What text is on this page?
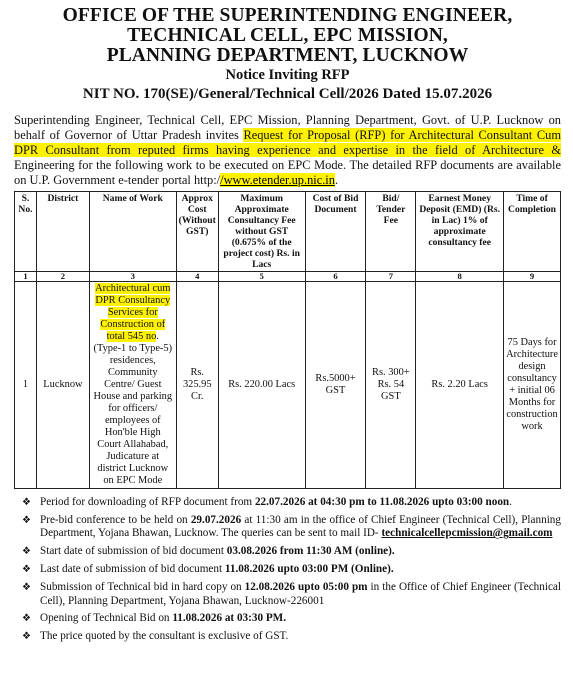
OFFICE OF THE SUPERINTENDING ENGINEER,
TECHNICAL CELL, EPC MISSION,
PLANNING DEPARTMENT, LUCKNOW
Notice Inviting RFP
NIT NO. 170(SE)/General/Technical Cell/2026 Dated 15.07.2026
Superintending Engineer, Technical Cell, EPC Mission, Planning Department, Govt. of U.P. Lucknow on behalf of Governor of Uttar Pradesh invites Request for Proposal (RFP) for Architectural Consultant Cum DPR Consultant from reputed firms having experience and expertise in the field of Architecture & Engineering for the following work to be executed on EPC Mode. The detailed RFP documents are available on U.P. Government e-tender portal http://www.etender.up.nic.in.
S. No.	District	Name of Work	Approx Cost (Without GST)	Maximum Approximate Consultancy Fee without GST (0.675% of the project cost) Rs. in Lacs	Cost of Bid Document	Bid/ Tender Fee	Earnest Money Deposit (EMD) (Rs. in Lac) 1% of approximate consultancy fee	Time of Completion
1	2	3	4	5	6	7	8	9
1	Lucknow	Architectural cum DPR Consultancy Services for Construction of total 545 no. (Type-1 to Type-5) residences, Community Centre/ Guest House and parking for officers/ employees of Hon'ble High Court Allahabad, Judicature at district Lucknow on EPC Mode	Rs. 325.95 Cr.	Rs. 220.00 Lacs	Rs.5000+ GST	Rs. 300+ Rs. 54 GST	Rs. 2.20 Lacs	75 Days for Architecture design consultancy + initial 06 Months for construction work
❖ Period for downloading of RFP document from 22.07.2026 at 04:30 pm to 11.08.2026 upto 03:00 noon.
❖ Pre-bid conference to be held on 29.07.2026 at 11:30 am in the office of Chief Engineer (Technical Cell), Planning Department, Yojana Bhawan, Lucknow. The queries can be sent to mail ID- technicalcellepcmission@gmail.com
❖ Start date of submission of bid document 03.08.2026 from 11:30 AM (online).
❖ Last date of submission of bid document 11.08.2026 upto 03:00 PM (Online).
❖ Submission of Technical bid in hard copy on 12.08.2026 upto 05:00 pm in the Office of Chief Engineer (Technical Cell), Planning Department, Yojana Bhawan, Lucknow-226001
❖ Opening of Technical Bid on 11.08.2026 at 03:30 PM.
❖ The price quoted by the consultant is exclusive of GST.
